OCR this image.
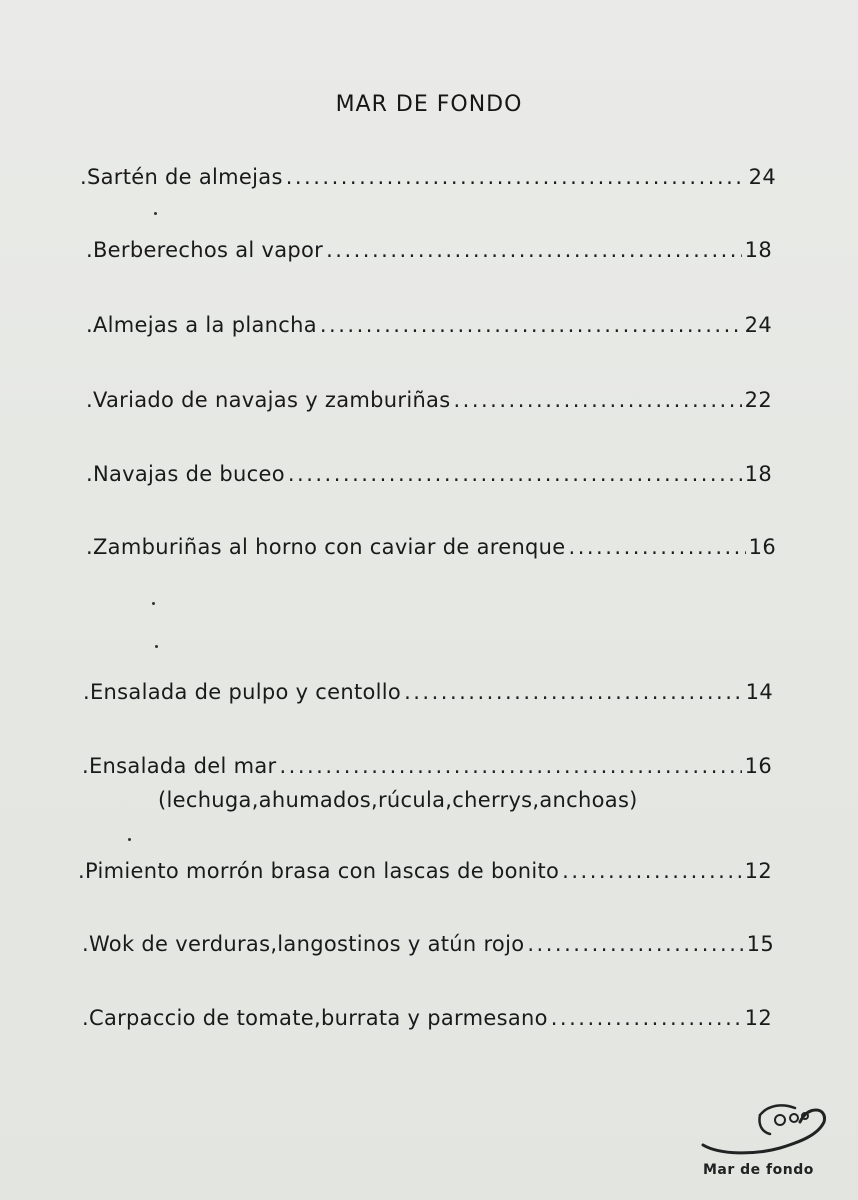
MAR DE FONDO
.Sartén de almejas .....	24
.Berberechos al vapor .....	18
.Almejas a la plancha .....	24
.Variado de navajas y zamburiñas .....	22
.Navajas de buceo .....	18
.Zamburiñas al horno con caviar de arenque .....	16
.Ensalada de pulpo y centollo .....	14
.Ensalada del mar .....	16
(lechuga,ahumados,rúcula,cherrys,anchoas)
.Pimiento morrón brasa con lascas de bonito .....	12
.Wok de verduras,langostinos y atún rojo .....	15
.Carpaccio de tomate,burrata y parmesano .....	12
Mar de fondo
